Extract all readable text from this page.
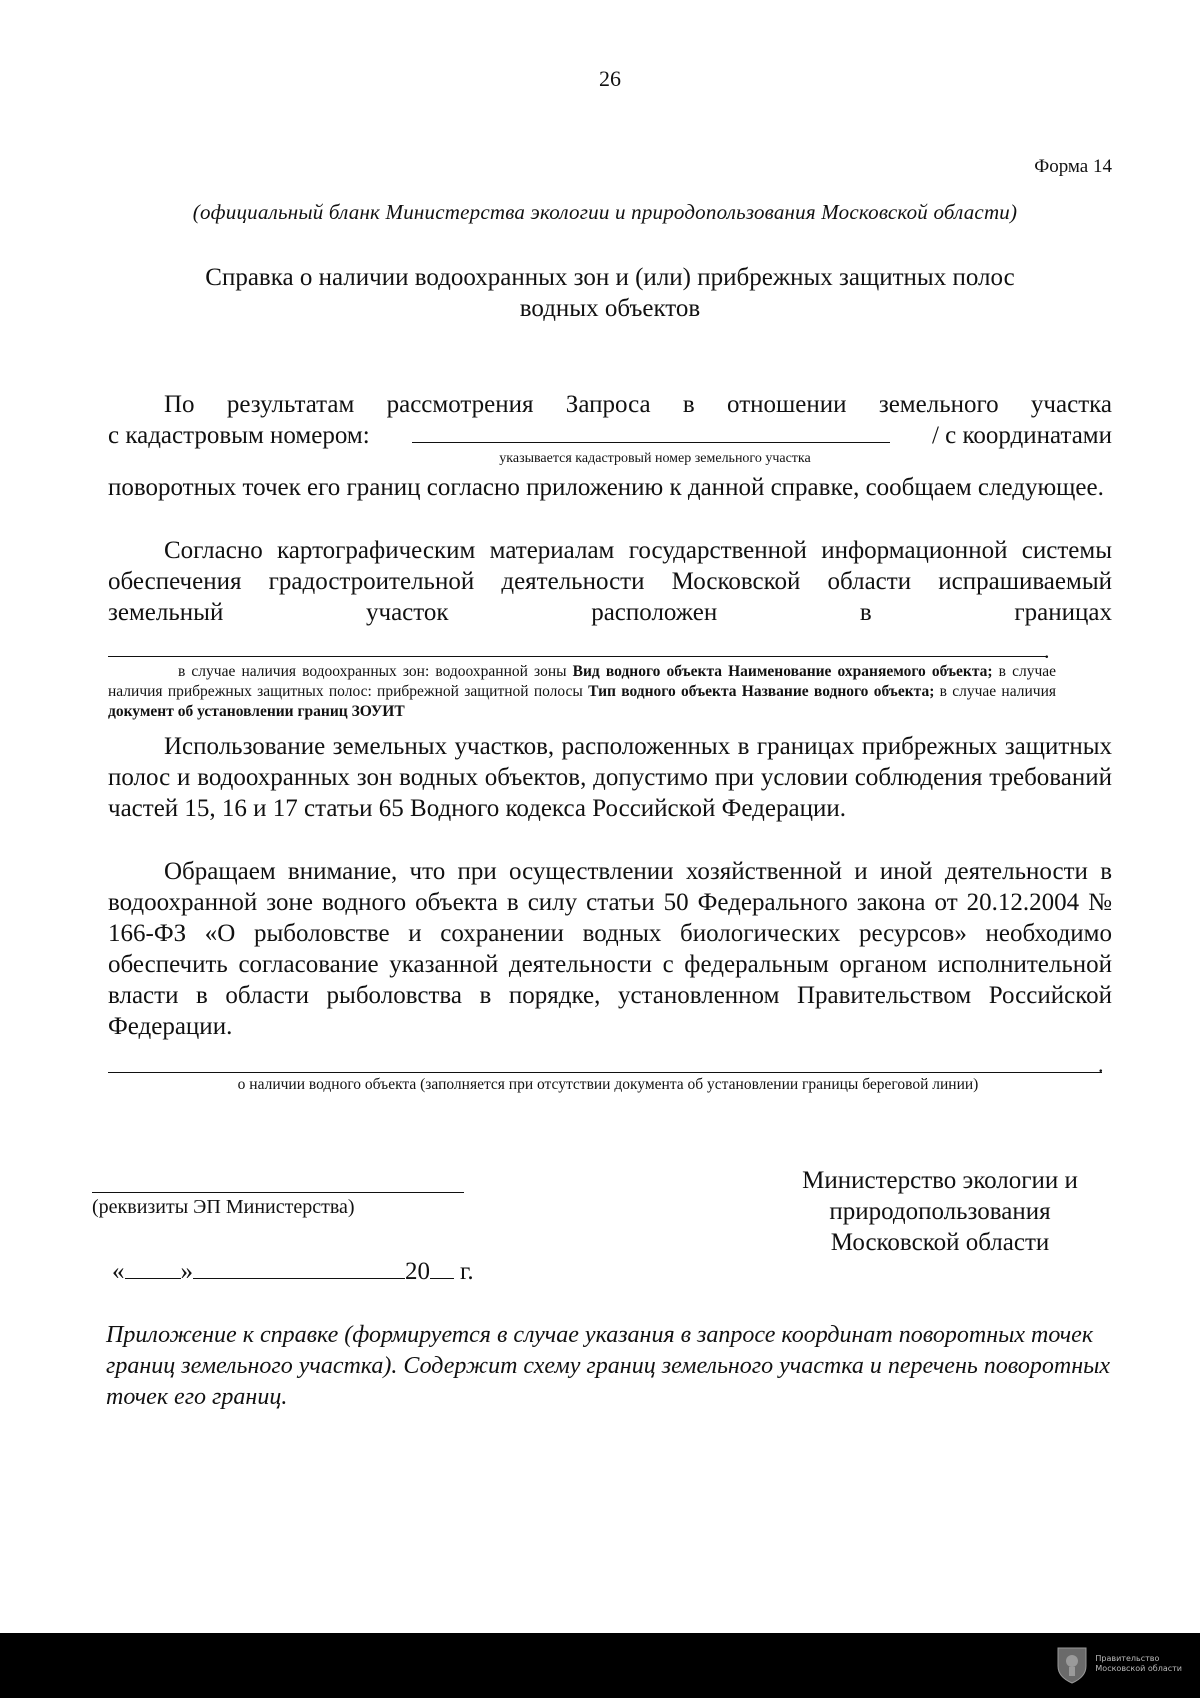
26
Форма 14
(официальный бланк Министерства экологии и природопользования Московской области)
Справка о наличии водоохранных зон и (или) прибрежных защитных полос
водных объектов
По результатам рассмотрения Запроса в отношении земельного участка
с кадастровым номером:	/ с координатами
указывается кадастровый номер земельного участка
поворотных точек его границ согласно приложению к данной справке, сообщаем следующее.
Согласно картографическим материалам государственной информационной системы обеспечения градостроительной деятельности Московской области испрашиваемый земельный участок расположен в границах
.
в случае наличия водоохранных зон: водоохранной зоны Вид водного объекта Наименование охраняемого объекта; в случае наличия прибрежных защитных полос: прибрежной защитной полосы Тип водного объекта Название водного объекта; в случае наличия документ об установлении границ ЗОУИТ
Использование земельных участков, расположенных в границах прибрежных защитных полос и водоохранных зон водных объектов, допустимо при условии соблюдения требований частей 15, 16 и 17 статьи 65 Водного кодекса Российской Федерации.
Обращаем внимание, что при осуществлении хозяйственной и иной деятельности в водоохранной зоне водного объекта в силу статьи 50 Федерального закона от 20.12.2004 № 166-ФЗ «О рыболовстве и сохранении водных биологических ресурсов» необходимо обеспечить согласование указанной деятельности с федеральным органом исполнительной власти в области рыболовства в порядке, установленном Правительством Российской Федерации.
.
о наличии водного объекта (заполняется при отсутствии документа об установлении границы береговой линии)
(реквизиты ЭП Министерства)
Министерство экологии и
природопользования
Московской области
« »	20 г.
Приложение к справке (формируется в случае указания в запросе координат поворотных точек границ земельного участка). Содержит схему границ земельного участка и перечень поворотных точек его границ.
Правительство
Московской области
